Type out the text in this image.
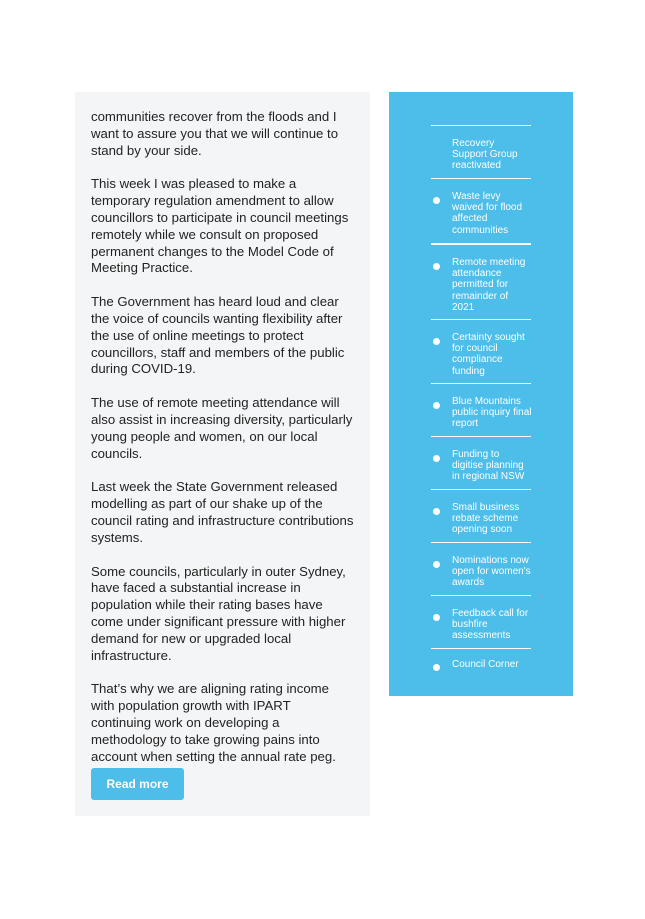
communities recover from the floods and I want to assure you that we will continue to stand by your side.

This week I was pleased to make a temporary regulation amendment to allow councillors to participate in council meetings remotely while we consult on proposed permanent changes to the Model Code of Meeting Practice.

The Government has heard loud and clear the voice of councils wanting flexibility after the use of online meetings to protect councillors, staff and members of the public during COVID-19.

The use of remote meeting attendance will also assist in increasing diversity, particularly young people and women, on our local councils.

Last week the State Government released modelling as part of our shake up of the council rating and infrastructure contributions systems.

Some councils, particularly in outer Sydney, have faced a substantial increase in population while their rating bases have come under significant pressure with higher demand for new or upgraded local infrastructure.

That’s why we are aligning rating income with population growth with IPART continuing work on developing a methodology to take growing pains into account when setting the annual rate peg.

Read more
Recovery Support Group reactivated
Waste levy waived for flood affected communities
Remote meeting attendance permitted for remainder of 2021
Certainty sought for council compliance funding
Blue Mountains public inquiry final report
Funding to digitise planning in regional NSW
Small business rebate scheme opening soon
Nominations now open for women's awards
Feedback call for bushfire assessments
Council Corner
